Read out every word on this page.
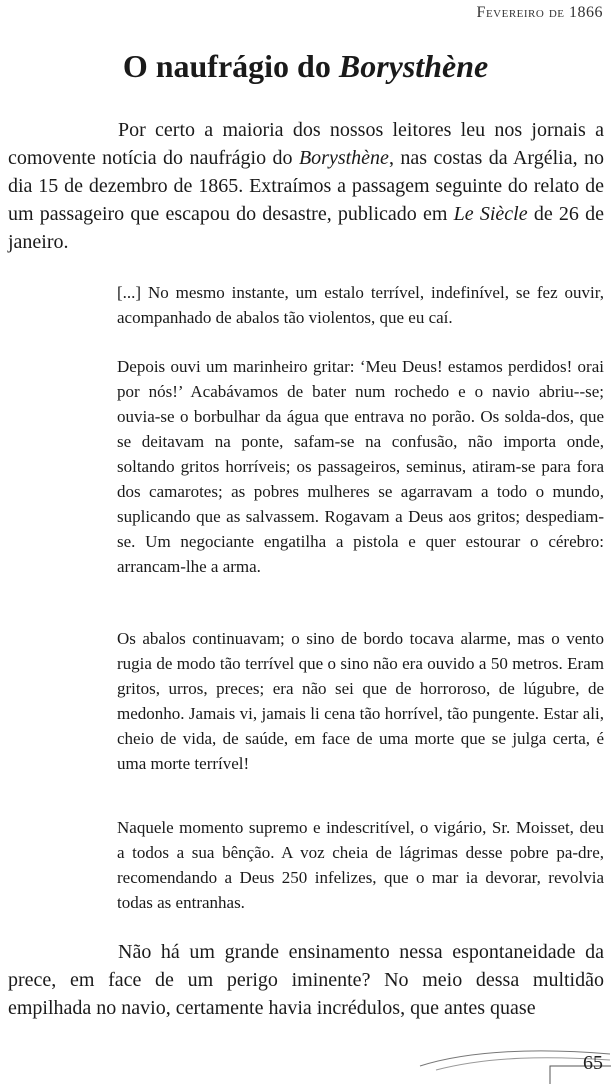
Fevereiro de 1866
O naufrágio do Borysthène

Por certo a maioria dos nossos leitores leu nos jornais a comovente notícia do naufrágio do Borysthène, nas costas da Argélia, no dia 15 de dezembro de 1865. Extraímos a passagem seguinte do relato de um passageiro que escapou do desastre, publicado em Le Siècle de 26 de janeiro.

[...] No mesmo instante, um estalo terrível, indefinível, se fez ouvir, acompanhado de abalos tão violentos, que eu caí.

Depois ouvi um marinheiro gritar: ‘Meu Deus! estamos perdidos! orai por nós!’ Acabávamos de bater num rochedo e o navio abriu--se; ouvia-se o borbulhar da água que entrava no porão. Os solda-dos, que se deitavam na ponte, safam-se na confusão, não importa onde, soltando gritos horríveis; os passageiros, seminus, atiram-se para fora dos camarotes; as pobres mulheres se agarravam a todo o mundo, suplicando que as salvassem. Rogavam a Deus aos gritos; despediam-se. Um negociante engatilha a pistola e quer estourar o cérebro: arrancam-lhe a arma.

Os abalos continuavam; o sino de bordo tocava alarme, mas o vento rugia de modo tão terrível que o sino não era ouvido a 50 metros. Eram gritos, urros, preces; era não sei que de horroroso, de lúgubre, de medonho. Jamais vi, jamais li cena tão horrível, tão pungente. Estar ali, cheio de vida, de saúde, em face de uma morte que se julga certa, é uma morte terrível!

Naquele momento supremo e indescritível, o vigário, Sr. Moisset, deu a todos a sua bênção. A voz cheia de lágrimas desse pobre pa-dre, recomendando a Deus 250 infelizes, que o mar ia devorar, revolvia todas as entranhas.

Não há um grande ensinamento nessa espontaneidade da prece, em face de um perigo iminente? No meio dessa multidão empilhada no navio, certamente havia incrédulos, que antes quase

65
